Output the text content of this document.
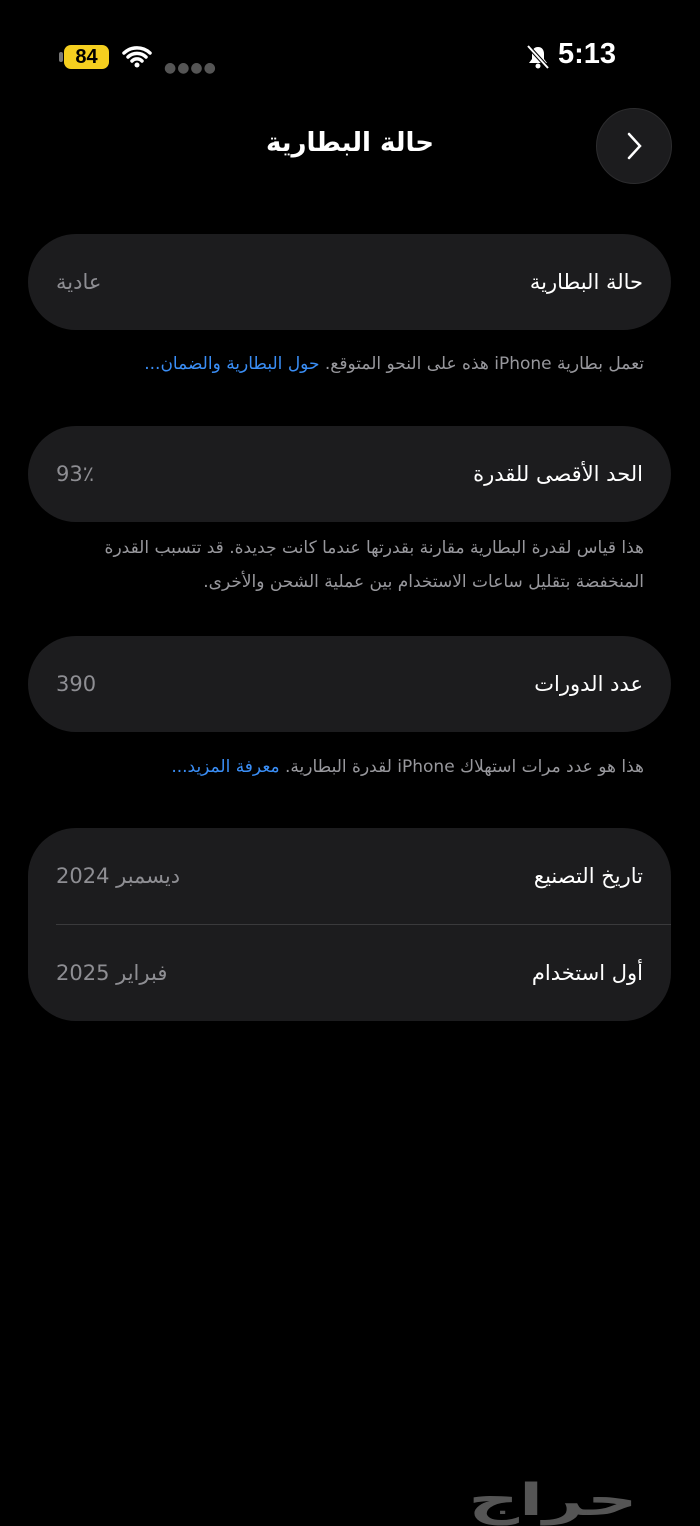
84	●●●●	5:13
حالة البطارية
حالة البطارية
عادية
تعمل بطارية iPhone هذه على النحو المتوقع. حول البطارية والضمان...
الحد الأقصى للقدرة
93٪
هذا قياس لقدرة البطارية مقارنة بقدرتها عندما كانت جديدة. قد تتسبب القدرة المنخفضة بتقليل ساعات الاستخدام بين عملية الشحن والأخرى.
عدد الدورات
390
هذا هو عدد مرات استهلاك iPhone لقدرة البطارية. معرفة المزيد...
تاريخ التصنيع
ديسمبر 2024
أول استخدام
فبراير 2025
حراج
